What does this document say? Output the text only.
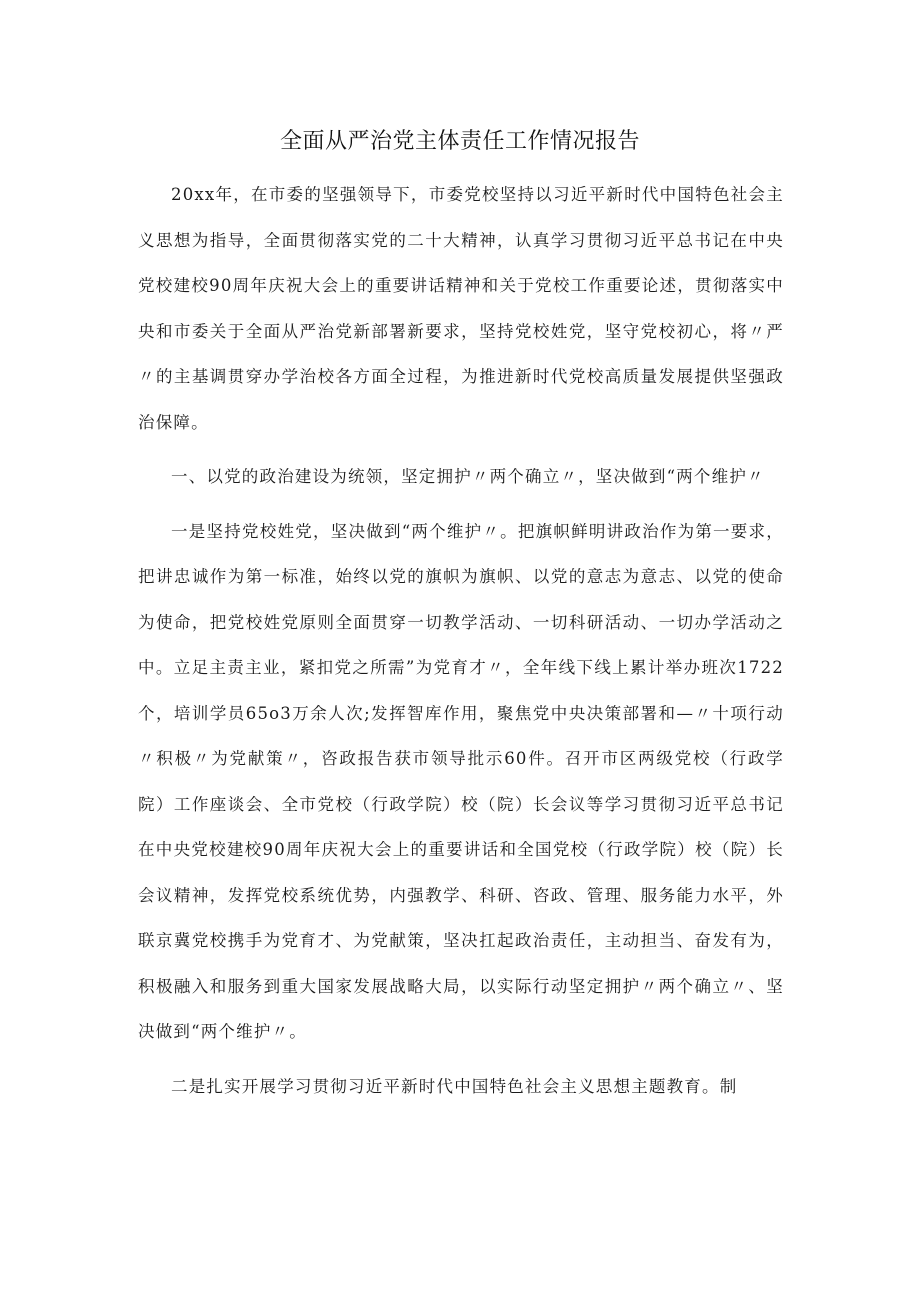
全面从严治党主体责任工作情况报告

20xx年，在市委的坚强领导下，市委党校坚持以习近平新时代中国特色社会主义思想为指导，全面贯彻落实党的二十大精神，认真学习贯彻习近平总书记在中央党校建校90周年庆祝大会上的重要讲话精神和关于党校工作重要论述，贯彻落实中央和市委关于全面从严治党新部署新要求，坚持党校姓党，坚守党校初心，将〃严〃的主基调贯穿办学治校各方面全过程，为推进新时代党校高质量发展提供坚强政治保障。

一、以党的政治建设为统领，坚定拥护〃两个确立〃，坚决做到“两个维护〃

一是坚持党校姓党，坚决做到“两个维护〃。把旗帜鲜明讲政治作为第一要求，把讲忠诚作为第一标准，始终以党的旗帜为旗帜、以党的意志为意志、以党的使命为使命，把党校姓党原则全面贯穿一切教学活动、一切科研活动、一切办学活动之中。立足主责主业，紧扣党之所需”为党育才〃，全年线下线上累计举办班次1722个，培训学员65o3万余人次;发挥智库作用，聚焦党中央决策部署和—〃十项行动〃积极〃为党献策〃，咨政报告获市领导批示60件。召开市区两级党校（行政学院）工作座谈会、全市党校（行政学院）校（院）长会议等学习贯彻习近平总书记在中央党校建校90周年庆祝大会上的重要讲话和全国党校（行政学院）校（院）长会议精神，发挥党校系统优势，内强教学、科研、咨政、管理、服务能力水平，外联京冀党校携手为党育才、为党献策，坚决扛起政治责任，主动担当、奋发有为，积极融入和服务到重大国家发展战略大局，以实际行动坚定拥护〃两个确立〃、坚决做到“两个维护〃。

二是扎实开展学习贯彻习近平新时代中国特色社会主义思想主题教育。制
